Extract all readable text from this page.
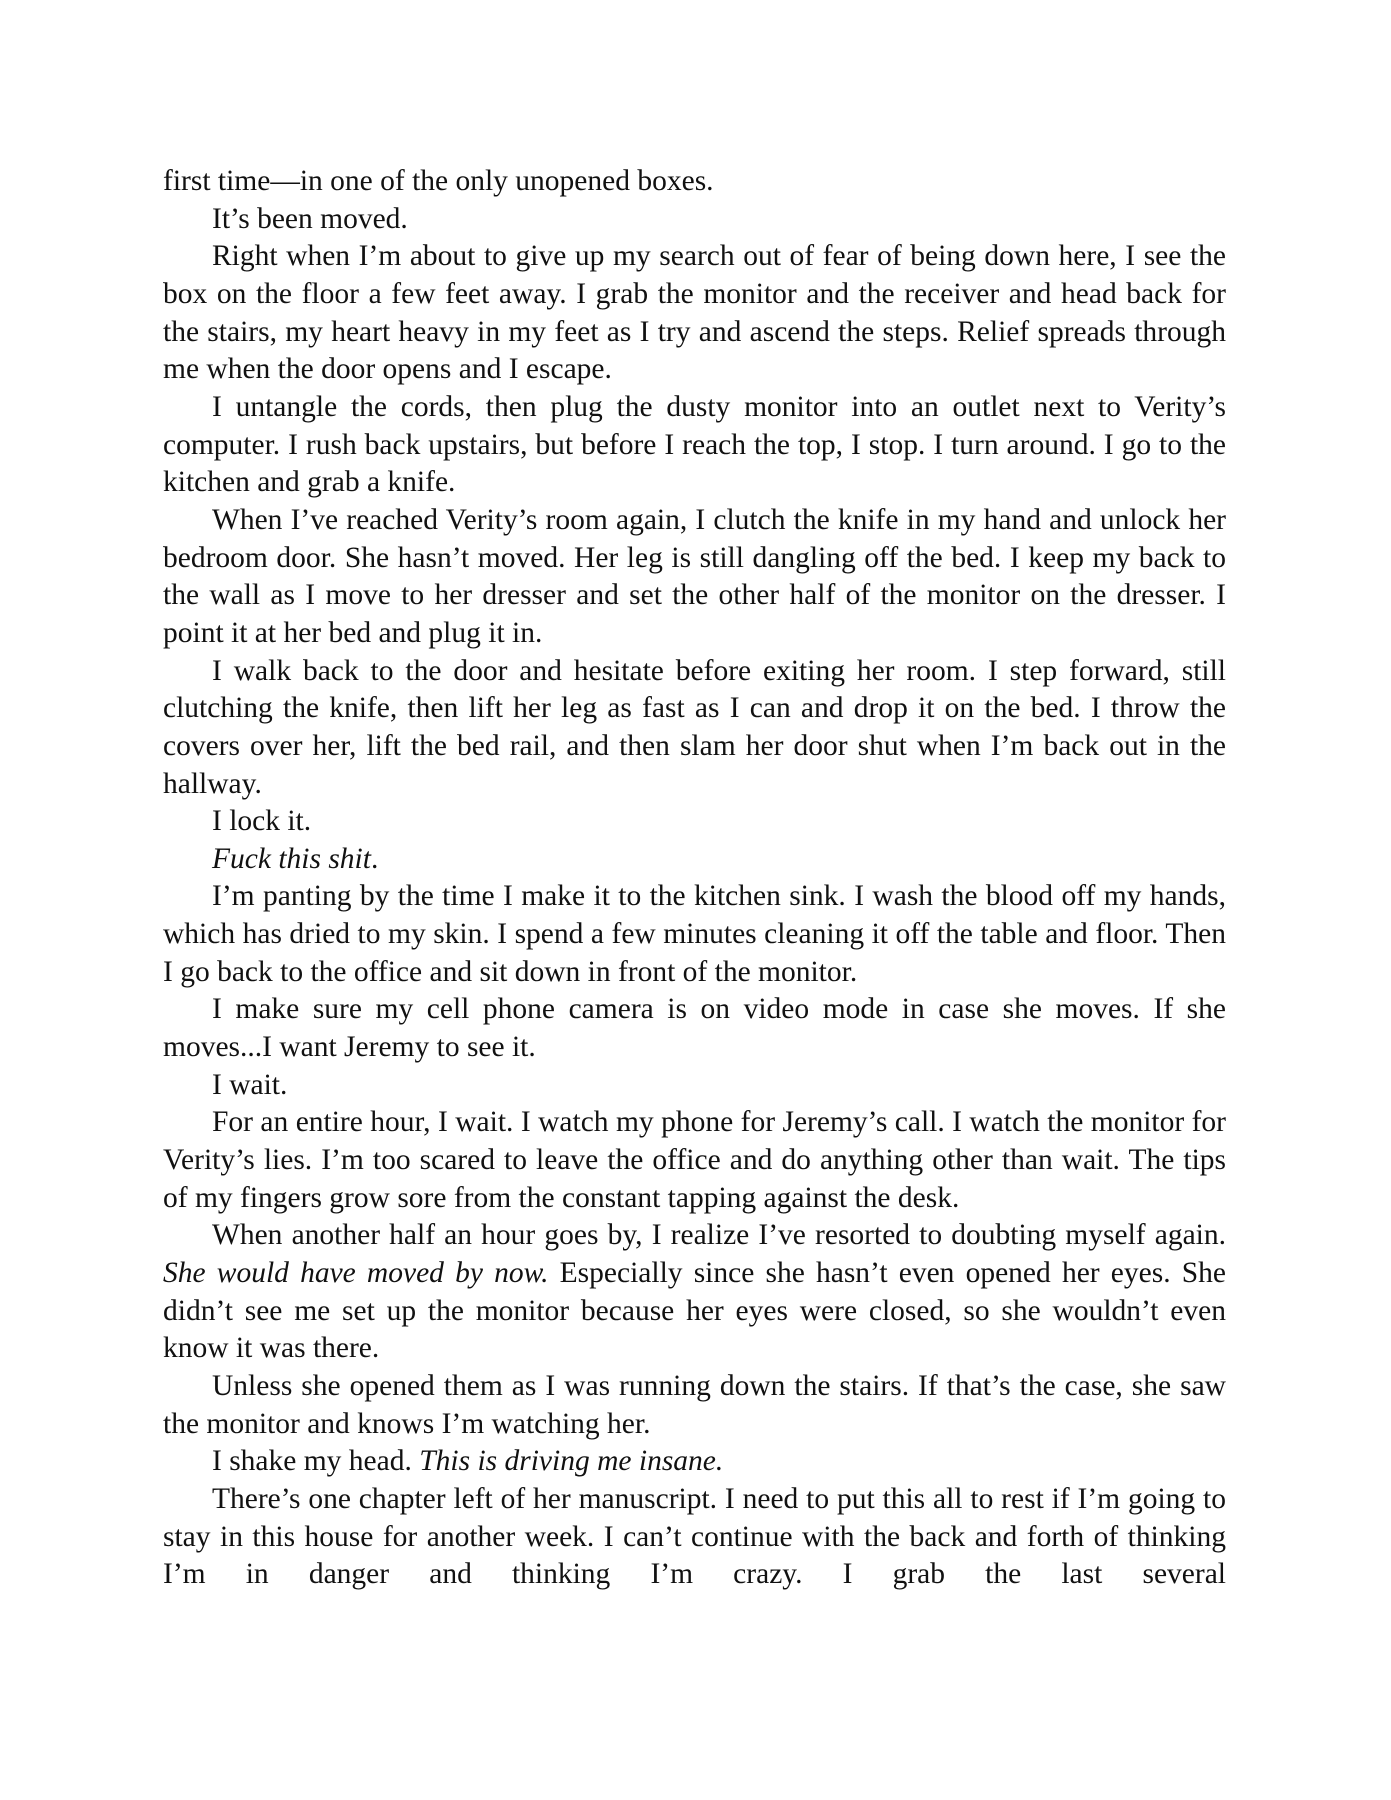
first time—in one of the only unopened boxes.

It’s been moved.

Right when I’m about to give up my search out of fear of being down here, I see the box on the floor a few feet away. I grab the monitor and the receiver and head back for the stairs, my heart heavy in my feet as I try and ascend the steps. Relief spreads through me when the door opens and I escape.

I untangle the cords, then plug the dusty monitor into an outlet next to Verity’s computer. I rush back upstairs, but before I reach the top, I stop. I turn around. I go to the kitchen and grab a knife.

When I’ve reached Verity’s room again, I clutch the knife in my hand and unlock her bedroom door. She hasn’t moved. Her leg is still dangling off the bed. I keep my back to the wall as I move to her dresser and set the other half of the monitor on the dresser. I point it at her bed and plug it in.

I walk back to the door and hesitate before exiting her room. I step forward, still clutching the knife, then lift her leg as fast as I can and drop it on the bed. I throw the covers over her, lift the bed rail, and then slam her door shut when I’m back out in the hallway.

I lock it.

Fuck this shit.

I’m panting by the time I make it to the kitchen sink. I wash the blood off my hands, which has dried to my skin. I spend a few minutes cleaning it off the table and floor. Then I go back to the office and sit down in front of the monitor.

I make sure my cell phone camera is on video mode in case she moves. If she moves...I want Jeremy to see it.

I wait.

For an entire hour, I wait. I watch my phone for Jeremy’s call. I watch the monitor for Verity’s lies. I’m too scared to leave the office and do anything other than wait. The tips of my fingers grow sore from the constant tapping against the desk.

When another half an hour goes by, I realize I’ve resorted to doubting myself again. She would have moved by now. Especially since she hasn’t even opened her eyes. She didn’t see me set up the monitor because her eyes were closed, so she wouldn’t even know it was there.

Unless she opened them as I was running down the stairs. If that’s the case, she saw the monitor and knows I’m watching her.

I shake my head. This is driving me insane.

There’s one chapter left of her manuscript. I need to put this all to rest if I’m going to stay in this house for another week. I can’t continue with the back and forth of thinking I’m in danger and thinking I’m crazy. I grab the last several
